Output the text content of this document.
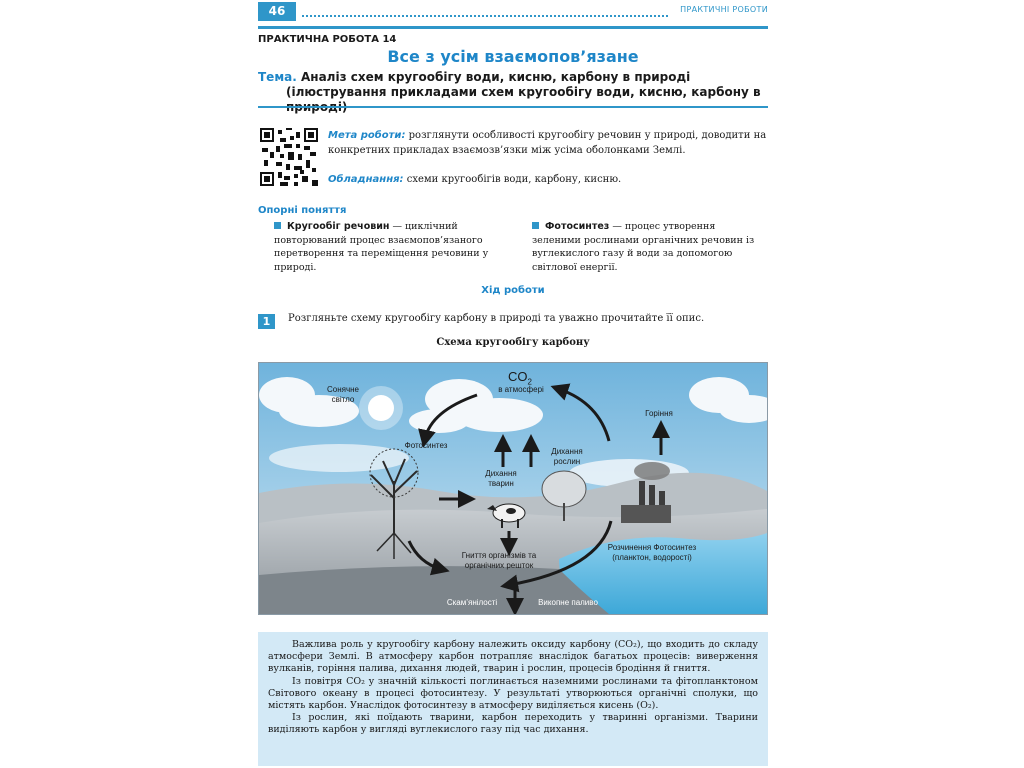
46	ПРАКТИЧНІ РОБОТИ
ПРАКТИЧНА РОБОТА 14
Все з усім взаємопов’язане
Тема. Аналіз схем кругообігу води, кисню, карбону в природі (ілюстрування прикладами схем кругообігу води, кисню, карбону в
Мета роботи: розглянути особливості кругообігу речовин у природі, доводити на конкретних прикладах взаємозв’язки між усіма оболонками Землі.
Обладнання: схеми кругообігів води, карбону, кисню.
Опорні поняття
Кругообіг речовин — циклічний повторюваний процес взаємопов’язаного перетворення та переміщення речовини у природі.
Фотосинтез — процес утворення зеленими рослинами органічних речовин із вуглекислого газу й води за допомогою світлової енергії.
Хід роботи
1	Розгляньте схему кругообігу карбону в природі та уважно прочитайте її опис.
Схема кругообігу карбону
$CO_2$
в атмосфері
Сонячне світло
Фотосинтез
Дихання тварин
Дихання рослин
Горіння
Гниття організмів та органічних решток
Розчинення Фотосинтез (планктон, водорості)
Скам’янілості	Викопне паливо

Важлива роль у кругообігу карбону належить оксиду карбону (CO₂), що входить до складу атмосфери Землі. В атмосферу карбон потрапляє внаслідок багатьох процесів: виверження вулканів, горіння палива, дихання людей, тварин і рослин, процесів бродіння й гниття.

Із повітря CO₂ у значній кількості поглинається наземними рослинами та фітопланктоном Світового океану в процесі фотосинтезу. У результаті утворюються органічні сполуки, що містять карбон. Унаслідок фотосинтезу в атмосферу виділяється кисень (O₂).

Із рослин, які поїдають тварини, карбон переходить у тваринні організми. Тварини виділяють карбон у вигляді вуглекислого газу під час дихання.
